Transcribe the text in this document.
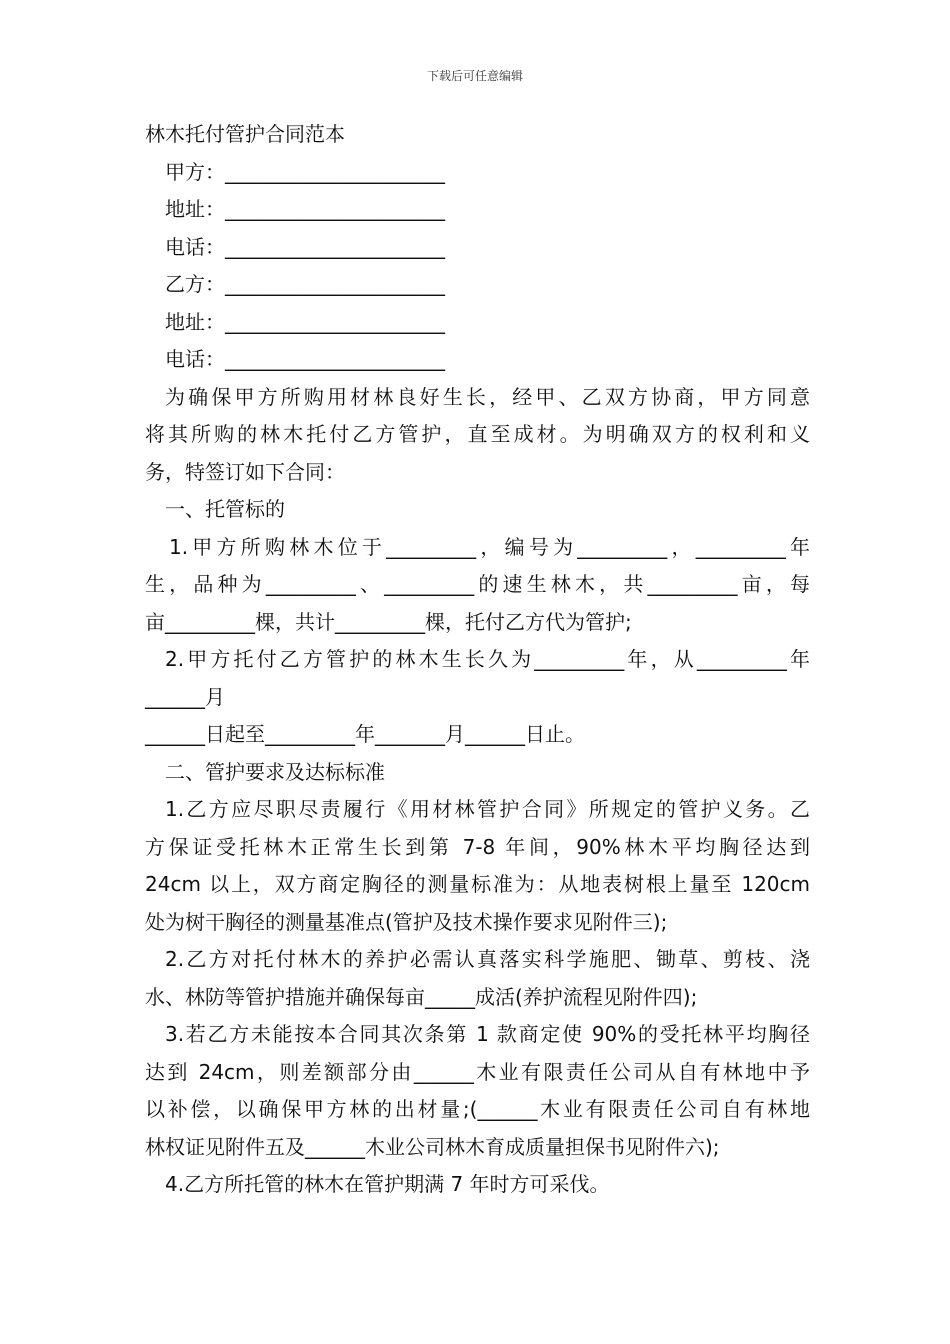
下载后可任意编辑

林木托付管护合同范本

甲方：______________________

地址：______________________

电话：______________________

乙方：______________________

地址：______________________

电话：______________________

为确保甲方所购用材林良好生长，经甲、乙双方协商，甲方同意

将其所购的林木托付乙方管护，直至成材。为明确双方的权利和义

务，特签订如下合同：

一、托管标的

1.甲方所购林木位于_________，编号为_________，_________年

生，品种为_________、_________的速生林木，共_________亩，每

亩_________棵，共计_________棵，托付乙方代为管护;

2.甲方托付乙方管护的林木生长久为_________年，从_________年

______月

______日起至_________年_______月______日止。

二、管护要求及达标标准

1.乙方应尽职尽责履行《用材林管护合同》所规定的管护义务。乙

方保证受托林木正常生长到第 7-8 年间，90%林木平均胸径达到

24cm 以上，双方商定胸径的测量标准为：从地表树根上量至 120cm

处为树干胸径的测量基准点(管护及技术操作要求见附件三);

2.乙方对托付林木的养护必需认真落实科学施肥、锄草、剪枝、浇

水、林防等管护措施并确保每亩_____成活(养护流程见附件四);

3.若乙方未能按本合同其次条第 1 款商定使 90%的受托林平均胸径

达到 24cm，则差额部分由______木业有限责任公司从自有林地中予

以补偿，以确保甲方林的出材量;(______木业有限责任公司自有林地

林权证见附件五及______木业公司林木育成质量担保书见附件六);

4.乙方所托管的林木在管护期满 7 年时方可采伐。
